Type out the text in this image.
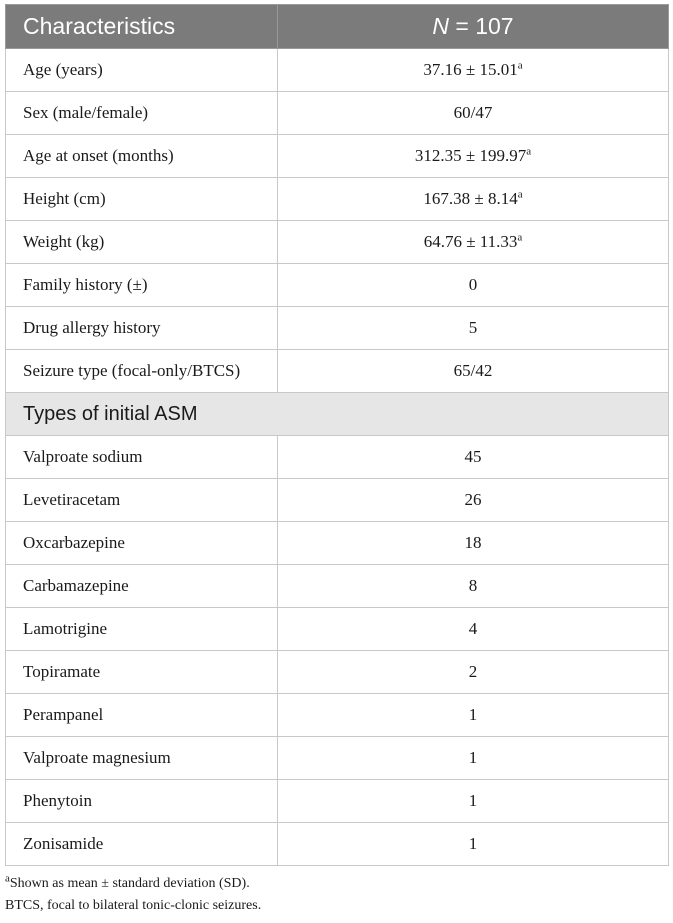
Characteristics	N = 107
Age (years)	37.16 ± 15.01$^a$
Sex (male/female)	60/47
Age at onset (months)	312.35 ± 199.97$^a$
Height (cm)	167.38 ± 8.14$^a$
Weight (kg)	64.76 ± 11.33$^a$
Family history (±)	0
Drug allergy history	5
Seizure type (focal-only/BTCS)	65/42
Types of initial ASM	
Valproate sodium	45
Levetiracetam	26
Oxcarbazepine	18
Carbamazepine	8
Lamotrigine	4
Topiramate	2
Perampanel	1
Valproate magnesium	1
Phenytoin	1
Zonisamide	1
$^a$Shown as mean ± standard deviation (SD).
BTCS, focal to bilateral tonic-clonic seizures.
